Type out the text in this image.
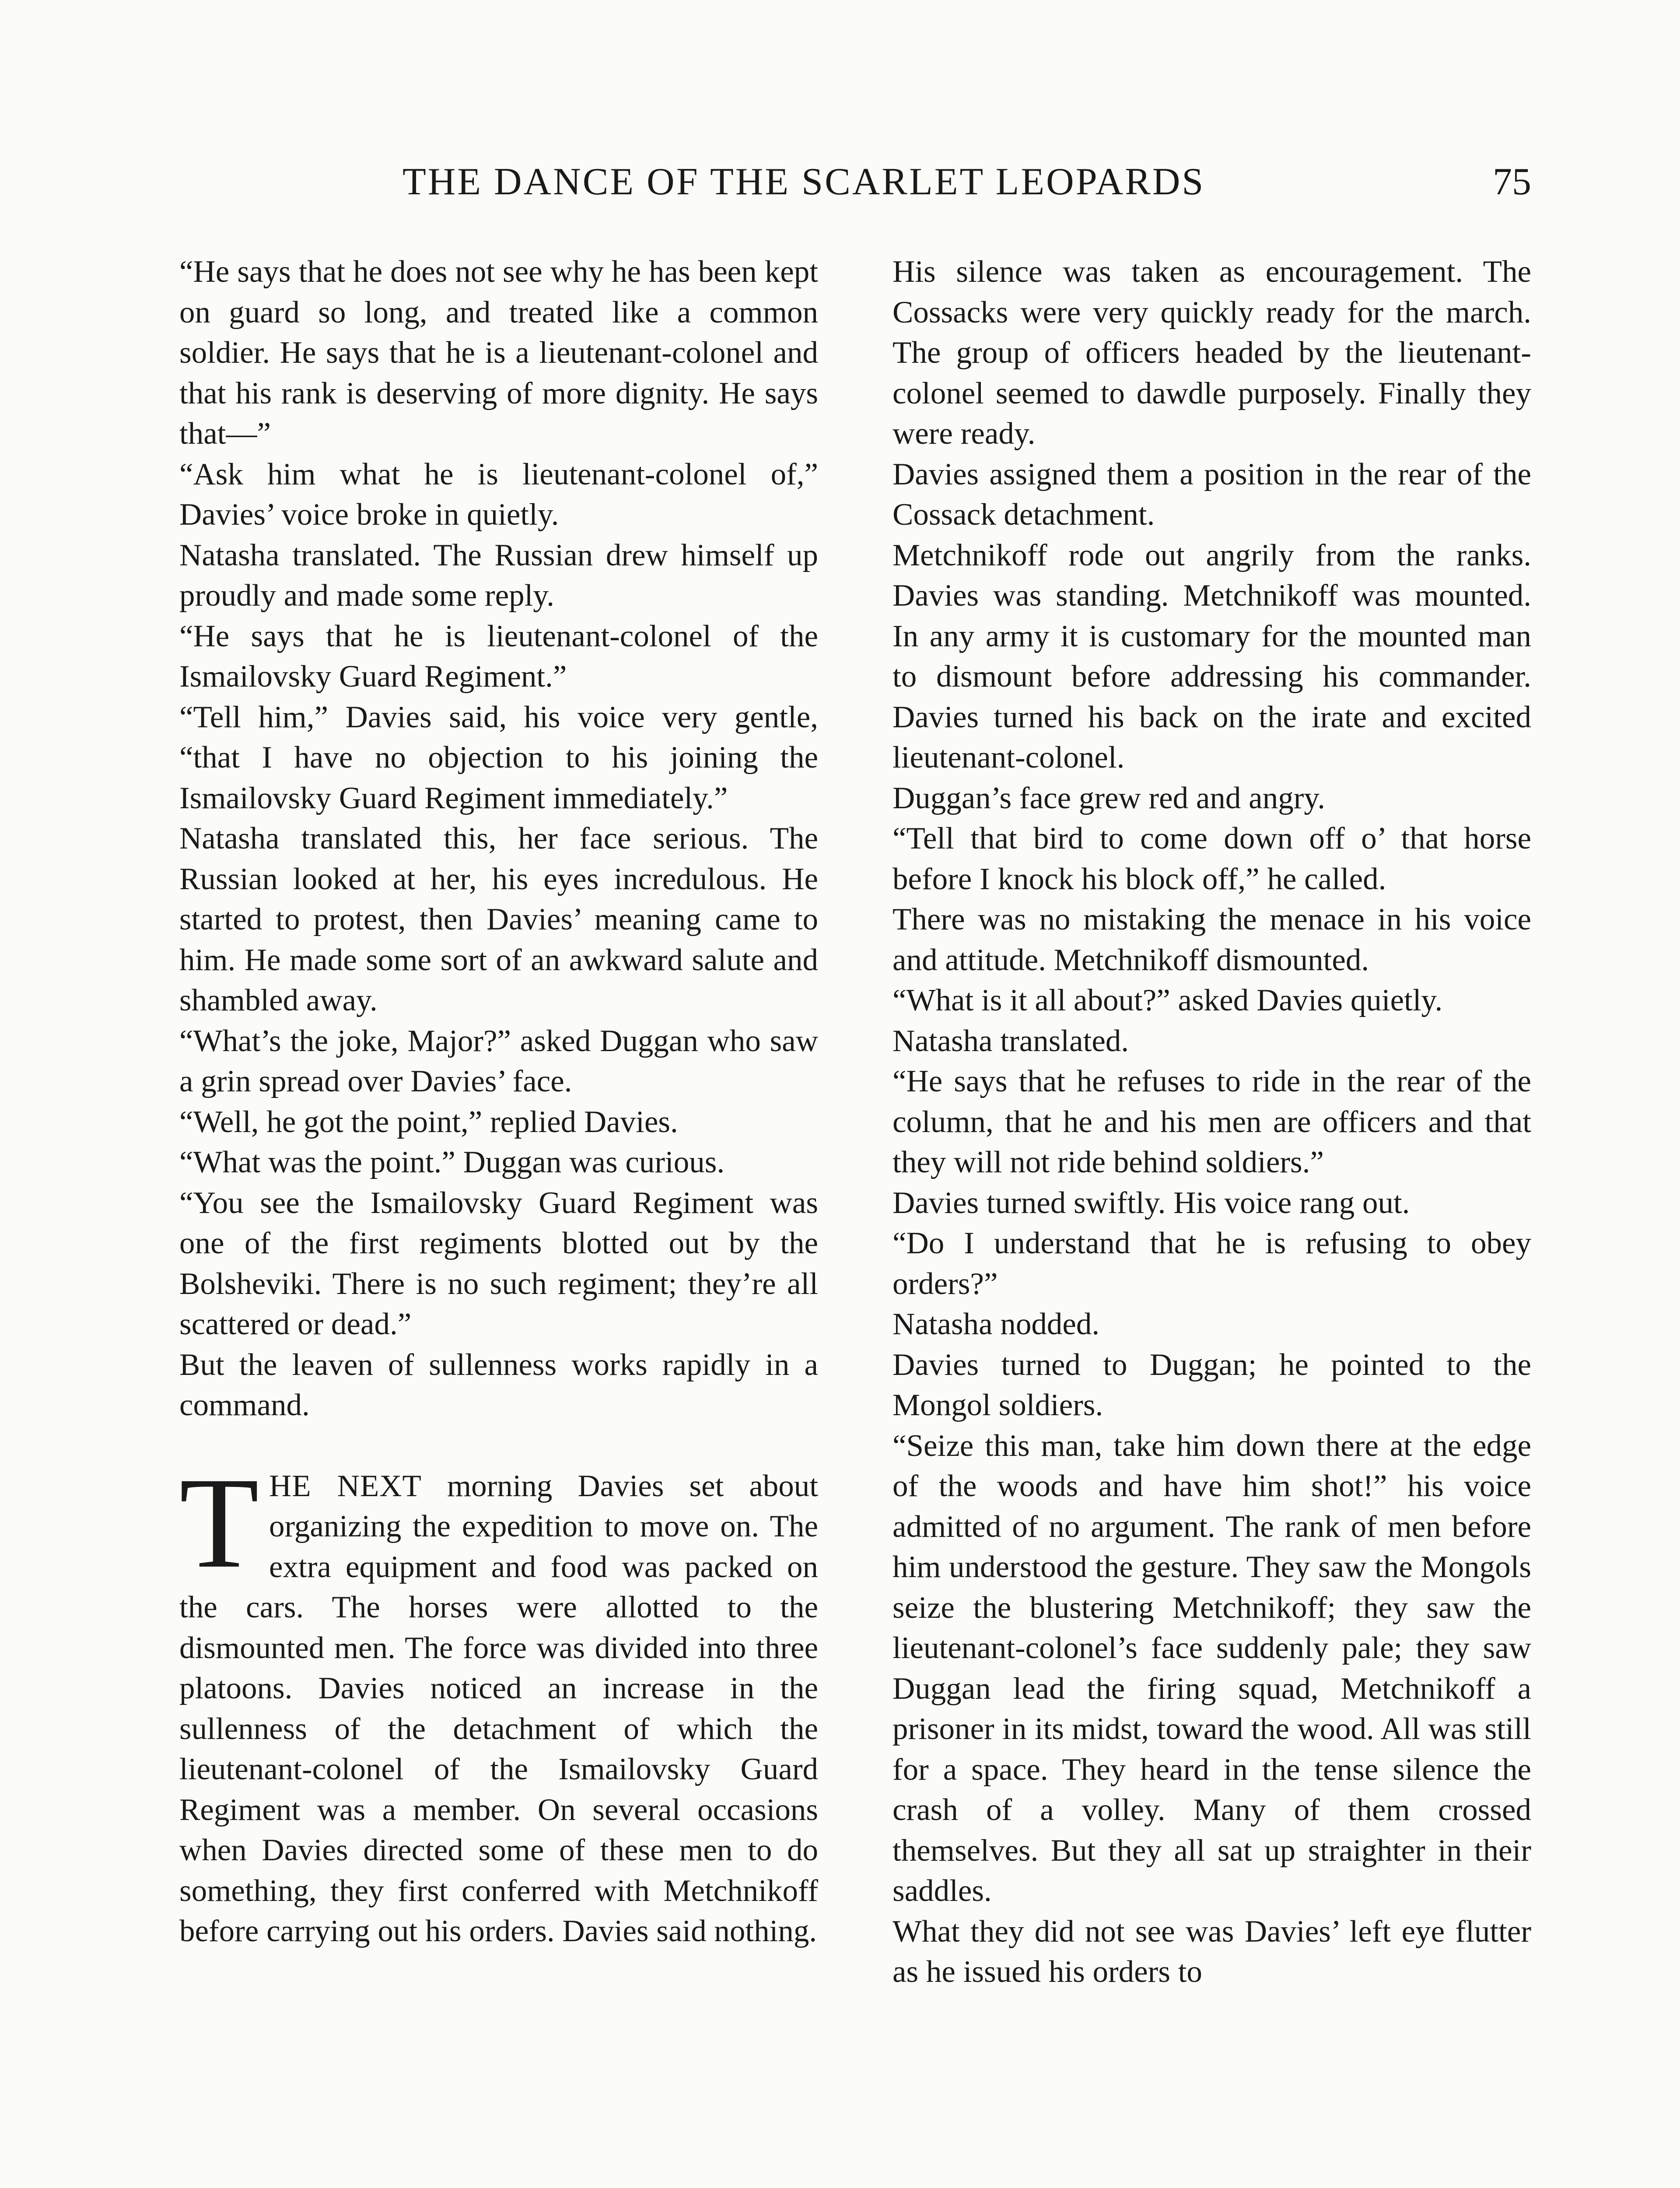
THE DANCE OF THE SCARLET LEOPARDS	75

“He says that he does not see why he has been kept on guard so long, and treated like a common soldier. He says that he is a lieutenant-colonel and that his rank is deserving of more dignity. He says that—”

“Ask him what he is lieutenant-colonel of,” Davies’ voice broke in quietly.

Natasha translated. The Russian drew himself up proudly and made some reply.

“He says that he is lieutenant-colonel of the Ismailovsky Guard Regiment.”

“Tell him,” Davies said, his voice very gentle, “that I have no objection to his joining the Ismailovsky Guard Regiment immediately.”

Natasha translated this, her face serious. The Russian looked at her, his eyes incredulous. He started to protest, then Davies’ meaning came to him. He made some sort of an awkward salute and shambled away.

“What’s the joke, Major?” asked Duggan who saw a grin spread over Davies’ face.

“Well, he got the point,” replied Davies.

“What was the point.” Duggan was curious.

“You see the Ismailovsky Guard Regiment was one of the first regiments blotted out by the Bolsheviki. There is no such regiment; they’re all scattered or dead.”

But the leaven of sullenness works rapidly in a command.

THE NEXT morning Davies set about organizing the expedition to move on. The extra equipment and food was packed on the cars. The horses were allotted to the dismounted men. The force was divided into three platoons. Davies noticed an increase in the sullenness of the detachment of which the lieutenant-colonel of the Ismailovsky Guard Regiment was a member. On several occasions when Davies directed some of these men to do something, they first conferred with Metchnikoff before carrying out his orders. Davies said nothing.

His silence was taken as encouragement. The Cossacks were very quickly ready for the march. The group of officers headed by the lieutenant-colonel seemed to dawdle purposely. Finally they were ready.

Davies assigned them a position in the rear of the Cossack detachment.

Metchnikoff rode out angrily from the ranks. Davies was standing. Metchnikoff was mounted. In any army it is customary for the mounted man to dismount before addressing his commander. Davies turned his back on the irate and excited lieutenant-colonel.

Duggan’s face grew red and angry.

“Tell that bird to come down off o’ that horse before I knock his block off,” he called.

There was no mistaking the menace in his voice and attitude. Metchnikoff dismounted.

“What is it all about?” asked Davies quietly.

Natasha translated.

“He says that he refuses to ride in the rear of the column, that he and his men are officers and that they will not ride behind soldiers.”

Davies turned swiftly. His voice rang out.

“Do I understand that he is refusing to obey orders?”

Natasha nodded.

Davies turned to Duggan; he pointed to the Mongol soldiers.

“Seize this man, take him down there at the edge of the woods and have him shot!” his voice admitted of no argument. The rank of men before him understood the gesture. They saw the Mongols seize the blustering Metchnikoff; they saw the lieutenant-colonel’s face suddenly pale; they saw Duggan lead the firing squad, Metchnikoff a prisoner in its midst, toward the wood. All was still for a space. They heard in the tense silence the crash of a volley. Many of them crossed themselves. But they all sat up straighter in their saddles.

What they did not see was Davies’ left eye flutter as he issued his orders to
